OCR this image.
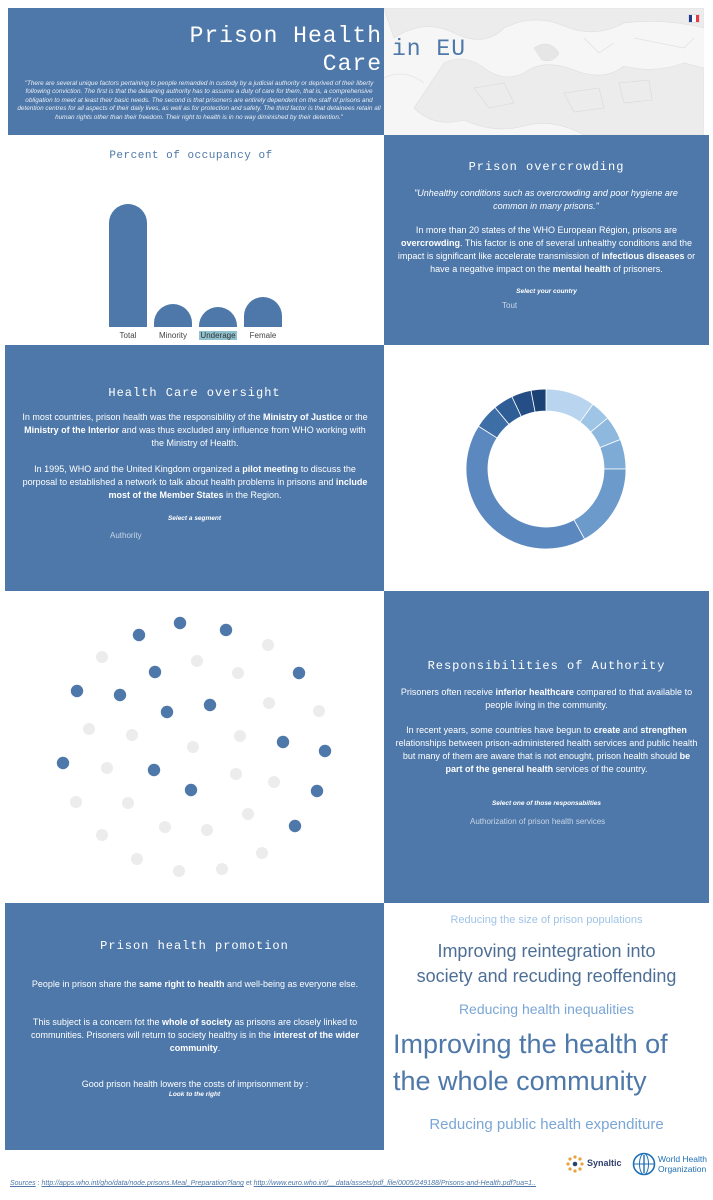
Prison Health Care
in EU
"There are several unique factors pertaining to people remanded in custody by a judicial authority or deprived of their liberty following conviction. The first is that the detaining authority has to assume a duty of care for them, that is, a comprehensive obligation to meet at least their basic needs. The second is that prisoners are entirely dependent on the staff of prisons and detention centres for all aspects of their daily lives, as well as for protection and safety. The third factor is that detainees retain all human rights other than their freedom. Their right to health is in no way diminished by their detention."
Percent of occupancy of
Total	Minority	Underage	Female
Prison overcrowding
"Unhealthy conditions such as overcrowding and poor hygiene are common in many prisons."
In more than 20 states of the WHO European Région, prisons are overcrowding. This factor is one of several unhealthy conditions and the impact is significant like accelerate transmission of infectious diseases or have a negative impact on the mental health of prisoners.
Select your country
Tout
Health Care oversight
In most countries, prison health was the responsibility of the Ministry of Justice or the Ministry of the Interior and was thus excluded any influence from WHO working with the Ministry of Health.
In 1995, WHO and the United Kingdom organized a pilot meeting to discuss the porposal to established a network to talk about health problems in prisons and include most of the Member States in the Region.
Select a segment
Authority
Responsibilities of Authority
Prisoners often receive inferior healthcare compared to that available to people living in the community.
In recent years, some countries have begun to create and strengthen relationships between prison-administered health services and public health but many of them are aware that is not enought, prison health should be part of the general health services of the country.
Select one of those responsabilties
Authorization of prison health services
Prison health promotion
People in prison share the same right to health and well-being as everyone else.
This subject is a concern fot the whole of society as prisons are closely linked to communities. Prisoners will return to society healthy is in the interest of the wider community.
Good prison health lowers the costs of imprisonment by :
Look to the right
Reducing the size of prison populations
Improving reintegration into
society and recuding reoffending
Reducing health inequalities
Improving the health of
the whole community
Reducing public health expenditure
Synaltic	World Health
Organization
Sources : http://apps.who.int/gho/data/node.prisons.Meal_Preparation?lang et http://www.euro.who.int/__data/assets/pdf_file/0005/249188/Prisons-and-Health.pdf?ua=1..
